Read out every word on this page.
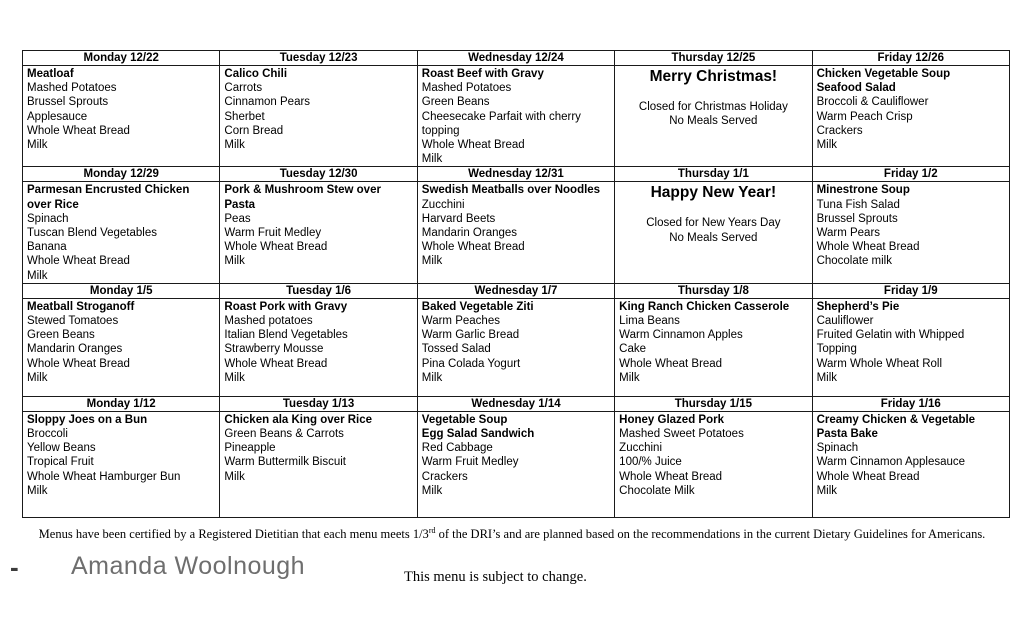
Monday 12/22	Tuesday 12/23	Wednesday 12/24	Thursday 12/25	Friday 12/26

Meatloaf
Mashed Potatoes
Brussel Sprouts
Applesauce
Whole Wheat Bread
Milk

Calico Chili
Carrots
Cinnamon Pears
Sherbet
Corn Bread
Milk

Roast Beef with Gravy
Mashed Potatoes
Green Beans
Cheesecake Parfait with cherry topping
Whole Wheat Bread
Milk

Merry Christmas!
Closed for Christmas Holiday
No Meals Served

Chicken Vegetable Soup
Seafood Salad
Broccoli & Cauliflower
Warm Peach Crisp
Crackers
Milk

Monday 12/29	Tuesday 12/30	Wednesday 12/31	Thursday 1/1	Friday 1/2

Parmesan Encrusted Chicken over Rice
Spinach
Tuscan Blend Vegetables
Banana
Whole Wheat Bread
Milk

Pork & Mushroom Stew over Pasta
Peas
Warm Fruit Medley
Whole Wheat Bread
Milk

Swedish Meatballs over Noodles
Zucchini
Harvard Beets
Mandarin Oranges
Whole Wheat Bread
Milk

Happy New Year!
Closed for New Years Day
No Meals Served

Minestrone Soup
Tuna Fish Salad
Brussel Sprouts
Warm Pears
Whole Wheat Bread
Chocolate milk

Monday 1/5	Tuesday 1/6	Wednesday 1/7	Thursday 1/8	Friday 1/9

Meatball Stroganoff
Stewed Tomatoes
Green Beans
Mandarin Oranges
Whole Wheat Bread
Milk

Roast Pork with Gravy
Mashed potatoes
Italian Blend Vegetables
Strawberry Mousse
Whole Wheat Bread
Milk

Baked Vegetable Ziti
Warm Peaches
Warm Garlic Bread
Tossed Salad
Pina Colada Yogurt
Milk

King Ranch Chicken Casserole
Lima Beans
Warm Cinnamon Apples
Cake
Whole Wheat Bread
Milk

Shepherd’s Pie
Cauliflower
Fruited Gelatin with Whipped Topping
Warm Whole Wheat Roll
Milk

Monday 1/12	Tuesday 1/13	Wednesday 1/14	Thursday 1/15	Friday 1/16

Sloppy Joes on a Bun
Broccoli
Yellow Beans
Tropical Fruit
Whole Wheat Hamburger Bun
Milk

Chicken ala King over Rice
Green Beans & Carrots
Pineapple
Warm Buttermilk Biscuit
Milk

Vegetable Soup
Egg Salad Sandwich
Red Cabbage
Warm Fruit Medley
Crackers
Milk

Honey Glazed Pork
Mashed Sweet Potatoes
Zucchini
100/% Juice
Whole Wheat Bread
Chocolate Milk

Creamy Chicken & Vegetable Pasta Bake
Spinach
Warm Cinnamon Applesauce
Whole Wheat Bread
Milk
Menus have been certified by a Registered Dietitian that each menu meets 1/3rd of the DRI’s and are planned based on the recommendations in the current Dietary Guidelines for Americans.
- Amanda Woolnough	This menu is subject to change.
